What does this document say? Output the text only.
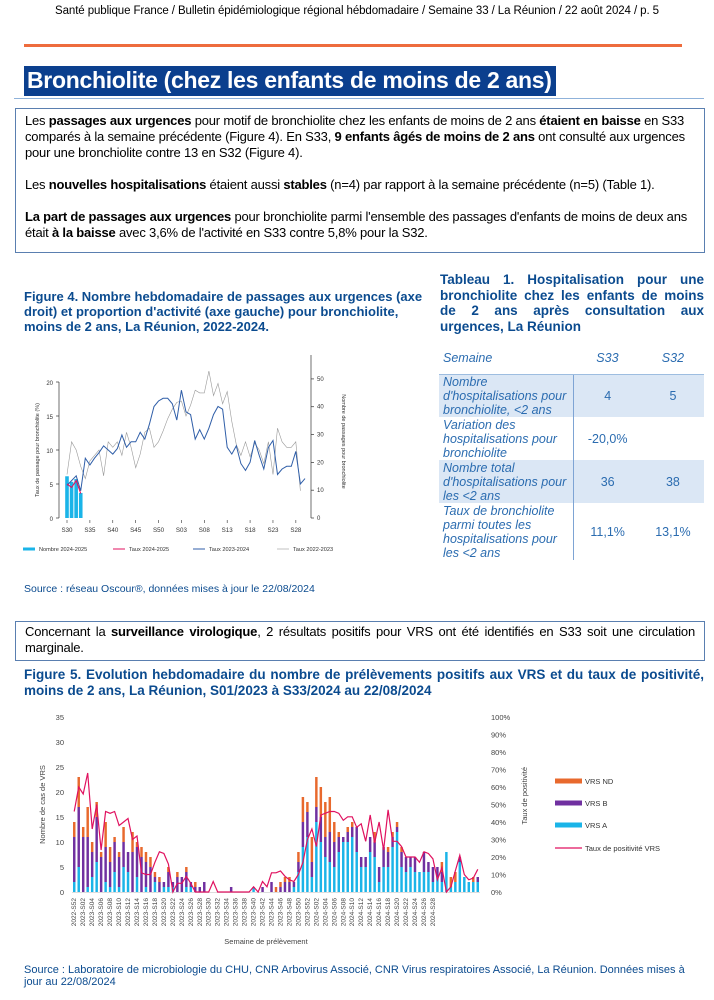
Santé publique France / Bulletin épidémiologique régional hébdomadaire / Semaine 33 / La Réunion / 22 août 2024 / p. 5
Bronchiolite (chez les enfants de moins de 2 ans)

Les passages aux urgences pour motif de bronchiolite chez les enfants de moins de 2 ans étaient en baisse en S33 comparés à la semaine précédente (Figure 4). En S33, 9 enfants âgés de moins de 2 ans ont consulté aux urgences pour une bronchiolite contre 13 en S32 (Figure 4).

Les nouvelles hospitalisations étaient aussi stables (n=4) par rapport à la semaine précédente (n=5) (Table 1).

La part de passages aux urgences pour bronchiolite parmi l'ensemble des passages d'enfants de moins de deux ans était à la baisse avec 3,6% de l'activité en S33 contre 5,8% pour la S32.

Figure 4. Nombre hebdomadaire de passages aux urgences (axe droit) et proportion d'activité (axe gauche) pour bronchiolite, moins de 2 ans, La Réunion, 2022-2024.
0
5
10
15
20
Taux de passage pour bronchiolite (%)
0
10
20
30
40
50
Nombre de passages pour bronchiolite
S30 S35 S40 S45 S50 S03 S08 S13 S18 S23 S28
Nombre 2024-2025	Taux 2024-2025	Taux 2023-2024	Taux 2022-2023
Tableau 1. Hospitalisation pour une bronchiolite chez les enfants de moins de 2 ans après consultation aux urgences, La Réunion
Semaine	S33	S32
Nombre d'hospitalisations pour bronchiolite, <2 ans	4	5
Variation des hospitalisations pour bronchiolite	-20,0%	
Nombre total d'hospitalisations pour les <2 ans	36	38
Taux de bronchiolite parmi toutes les hospitalisations pour les <2 ans	11,1%	13,1%
Source : réseau Oscour®, données mises à jour le 22/08/2024

Concernant la surveillance virologique, 2 résultats positifs pour VRS ont été identifiés en S33 soit une circulation marginale.

Figure 5. Evolution hebdomadaire du nombre de prélèvements positifs aux VRS et du taux de positivité, moins de 2 ans, La Réunion, S01/2023 à S33/2024 au 22/08/2024
0
5
10
15
20
25
30
35
Nombre de cas de VRS
0%
10%
20%
30%
40%
50%
60%
70%
80%
90%
100%
Taux de positivité
2022-S52 2023-S02 2023-S04 2023-S06 2023-S08 2023-S10 2023-S12 2023-S14 2023-S16 2023-S18 2023-S20 2023-S22 2023-S24 2023-S26 2023-S28 2023-S30 2023-S32 2023-S34 2023-S36 2023-S38 2023-S40 2023-S42 2023-S44 2023-S46 2023-S48 2023-S50 2023-S52 2024-S02 2024-S04 2024-S06 2024-S08 2024-S10 2024-S12 2024-S14 2024-S16 2024-S18 2024-S20 2024-S22 2024-S24 2024-S26 2024-S28
Semaine de prélèvement
VRS ND
VRS B
VRS A
Taux de positivité VRS
Source : Laboratoire de microbiologie du CHU, CNR Arbovirus Associé, CNR Virus respiratoires Associé, La Réunion. Données mises à jour au 22/08/2024
